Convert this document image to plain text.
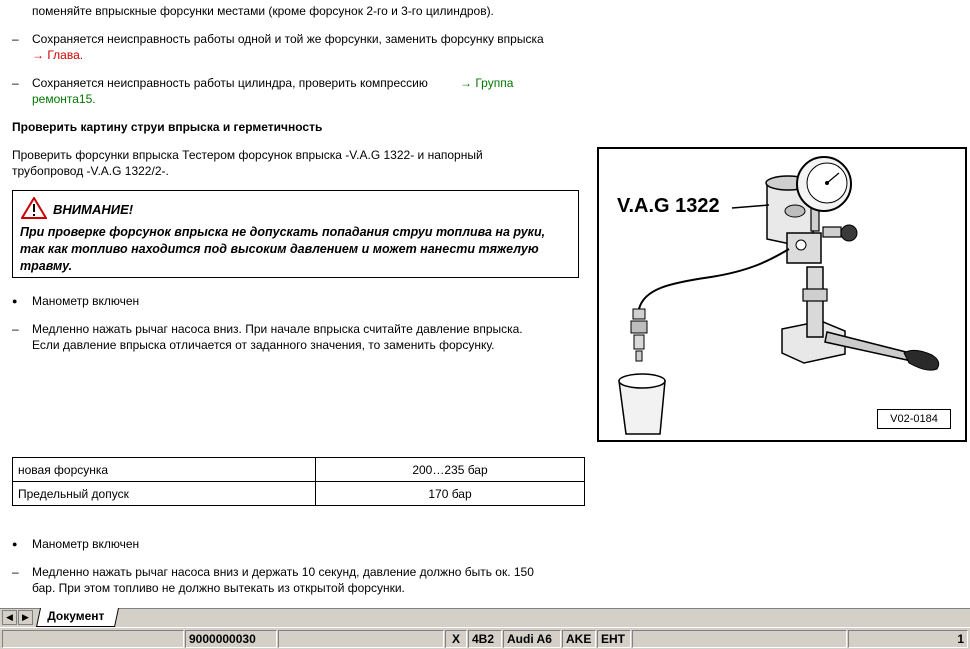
поменяйте впрыскные форсунки местами (кроме форсунок 2-го и 3-го цилиндров).
– Сохраняется неисправность работы одной и той же форсунки, заменить форсунку впрыска
→ Глава.
– Сохраняется неисправность работы цилиндра, проверить компрессию	→ Группа
ремонта15.
Проверить картину струи впрыска и герметичность
Проверить форсунки впрыска Тестером форсунок впрыска -V.A.G 1322- и напорный
трубопровод -V.A.G 1322/2-.
ВНИМАНИЕ!
При проверке форсунок впрыска не допускать попадания струи топлива на руки,
так как топливо находится под высоким давлением и может нанести тяжелую
травму.
● Манометр включен
– Медленно нажать рычаг насоса вниз. При начале впрыска считайте давление впрыска.
Если давление впрыска отличается от заданного значения, то заменить форсунку.
новая форсунка	200…235 бар
Предельный допуск	170 бар
● Манометр включен
– Медленно нажать рычаг насоса вниз и держать 10 секунд, давление должно быть ок. 150
бар. При этом топливо не должно вытекать из открытой форсунки.
V.A.G 1322
V02-0184
◀	▶	Документ
9000000030	X	4B2	Audi A6	AKE EHT	1
